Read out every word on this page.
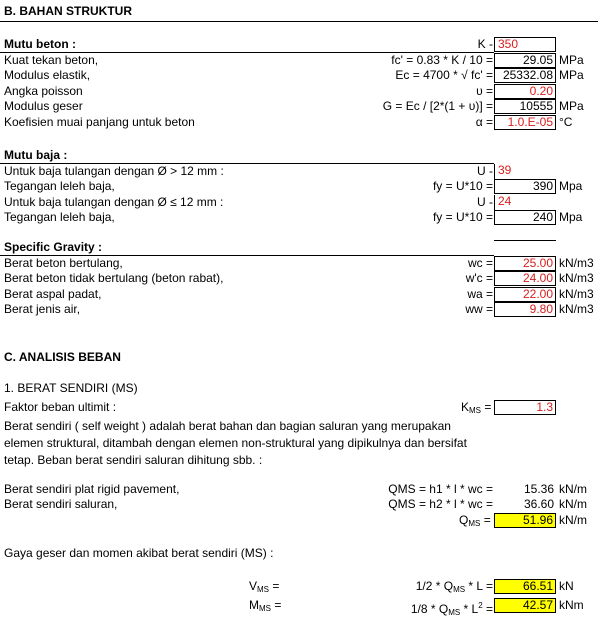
B. BAHAN STRUKTUR
Mutu beton :	K - 350
Kuat tekan beton,	fc' = 0.83 * K / 10 =	29.05 MPa
Modulus elastik,	Ec = 4700 * √ fc' = 25332.08 MPa
Angka poisson	υ =	0.20
Modulus geser	G = Ec / [2*(1 + υ)] =	10555 MPa
Koefisien muai panjang untuk beton	α =	1.0.E-05 °C
Mutu baja :
Untuk baja tulangan dengan Ø > 12 mm :	U - 39
Tegangan leleh baja,	fy = U*10 =	390 Mpa
Untuk baja tulangan dengan Ø ≤ 12 mm :	U - 24
Tegangan leleh baja,	fy = U*10 =	240 Mpa
Specific Gravity :
Berat beton bertulang,	wc =	25.00 kN/m3
Berat beton tidak bertulang (beton rabat),	w'c =	24.00 kN/m3
Berat aspal padat,	wa =	22.00 kN/m3
Berat jenis air,	ww =	9.80 kN/m3
C. ANALISIS BEBAN
1. BERAT SENDIRI (MS)
Faktor beban ultimit :	$K_{MS}$ =	1.3
Berat sendiri ( self weight ) adalah berat bahan dan bagian saluran yang merupakan
elemen struktural, ditambah dengan elemen non-struktural yang dipikulnya dan bersifat
tetap. Beban berat sendiri saluran dihitung sbb. :
Berat sendiri plat rigid pavement,	QMS = h1 * l * wc =	15.36 kN/m
Berat sendiri saluran,	QMS = h2 * l * wc =	36.60 kN/m
$Q_{MS}$ =	51.96 kN/m
Gaya geser dan momen akibat berat sendiri (MS) :
$V_{MS}$ =	$1/2 * Q_{MS}$ * L =	66.51 kN
$M_{MS}$ =	$1/8 * Q_{MS} * L^2$ =	42.57 kNm
